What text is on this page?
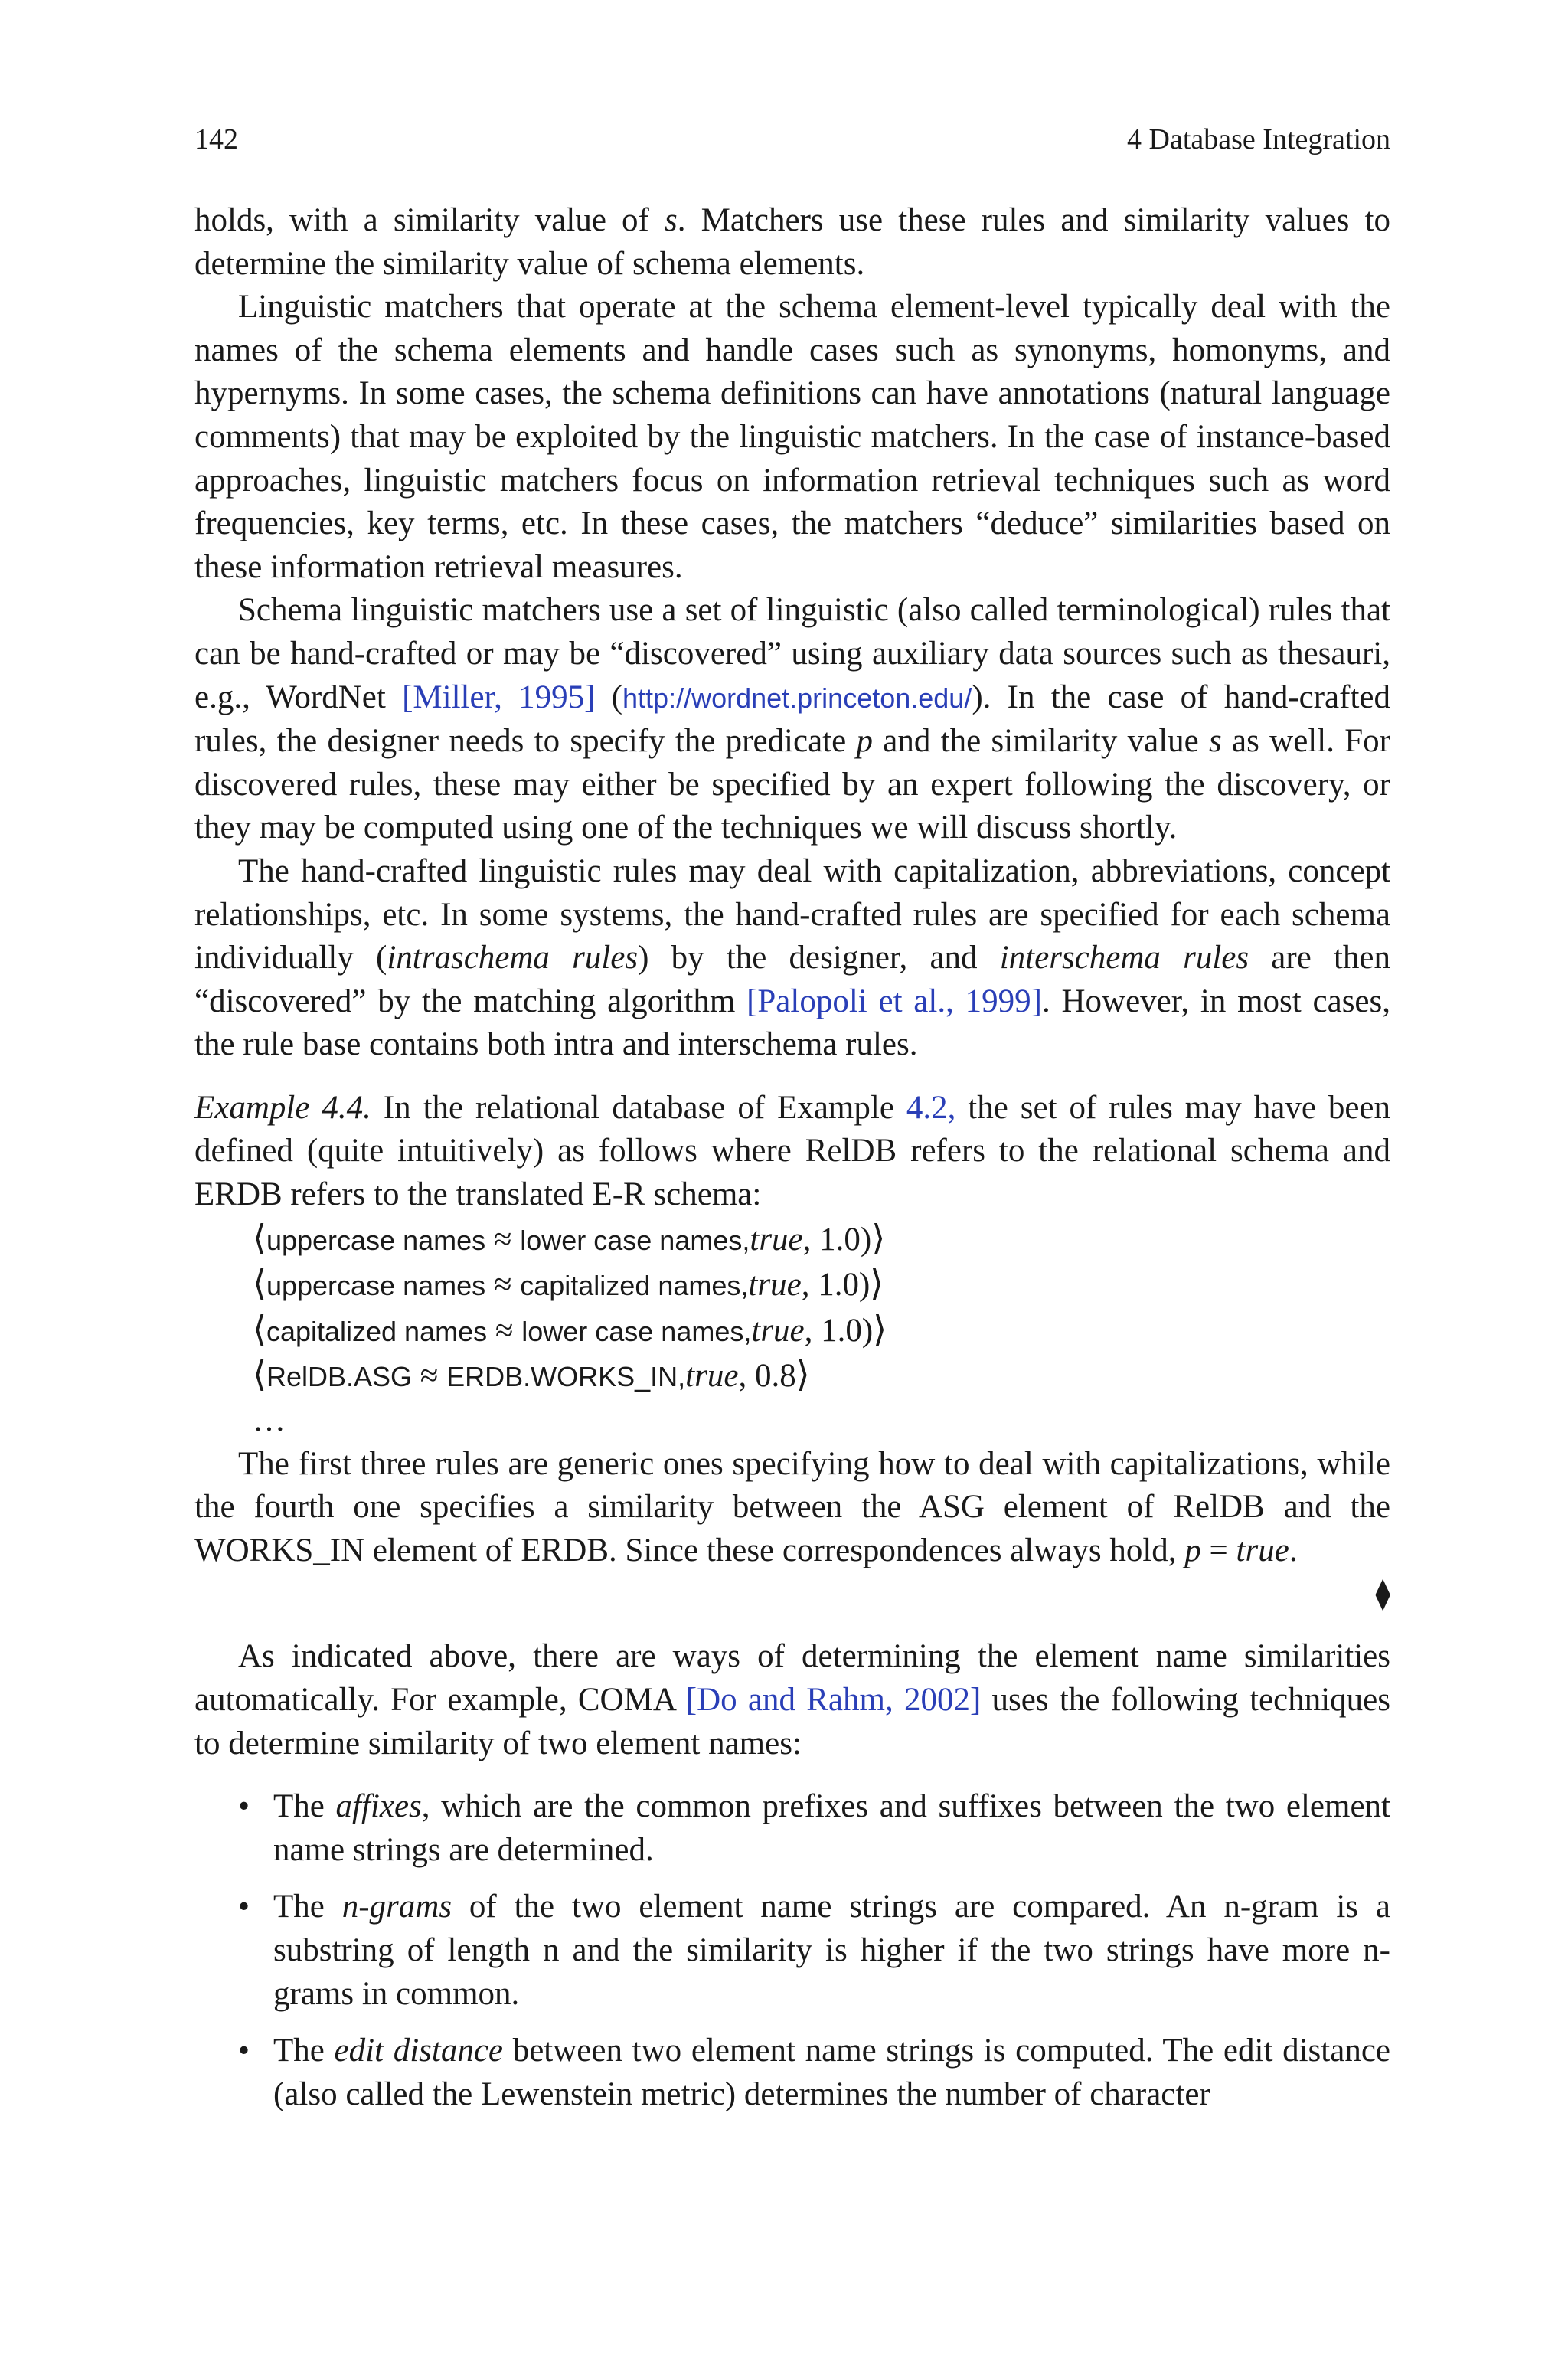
142	4 Database Integration

holds, with a similarity value of s. Matchers use these rules and similarity values to determine the similarity value of schema elements.

Linguistic matchers that operate at the schema element-level typically deal with the names of the schema elements and handle cases such as synonyms, homonyms, and hypernyms. In some cases, the schema definitions can have annotations (natural language comments) that may be exploited by the linguistic matchers. In the case of instance-based approaches, linguistic matchers focus on information retrieval techniques such as word frequencies, key terms, etc. In these cases, the matchers “deduce” similarities based on these information retrieval measures.

Schema linguistic matchers use a set of linguistic (also called terminological) rules that can be hand-crafted or may be “discovered” using auxiliary data sources such as thesauri, e.g., WordNet [Miller, 1995] (http://wordnet.princeton.edu/). In the case of hand-crafted rules, the designer needs to specify the predicate p and the similarity value s as well. For discovered rules, these may either be specified by an expert following the discovery, or they may be computed using one of the techniques we will discuss shortly.

The hand-crafted linguistic rules may deal with capitalization, abbreviations, concept relationships, etc. In some systems, the hand-crafted rules are specified for each schema individually (intraschema rules) by the designer, and interschema rules are then “discovered” by the matching algorithm [Palopoli et al., 1999]. However, in most cases, the rule base contains both intra and interschema rules.

Example 4.4. In the relational database of Example 4.2, the set of rules may have been defined (quite intuitively) as follows where RelDB refers to the relational schema and ERDB refers to the translated E-R schema:

⟨uppercase names ≈ lower case names,true, 1.0)⟩
⟨uppercase names ≈ capitalized names,true, 1.0)⟩
⟨capitalized names ≈ lower case names,true, 1.0)⟩
⟨RelDB.ASG ≈ ERDB.WORKS_IN,true, 0.8⟩
…

The first three rules are generic ones specifying how to deal with capitalizations, while the fourth one specifies a similarity between the ASG element of RelDB and the WORKS_IN element of ERDB. Since these correspondences always hold, p = true.

⧫

As indicated above, there are ways of determining the element name similarities automatically. For example, COMA [Do and Rahm, 2002] uses the following techniques to determine similarity of two element names:

• The affixes, which are the common prefixes and suffixes between the two element name strings are determined.
• The n-grams of the two element name strings are compared. An n-gram is a substring of length n and the similarity is higher if the two strings have more n-grams in common.
• The edit distance between two element name strings is computed. The edit distance (also called the Lewenstein metric) determines the number of character
